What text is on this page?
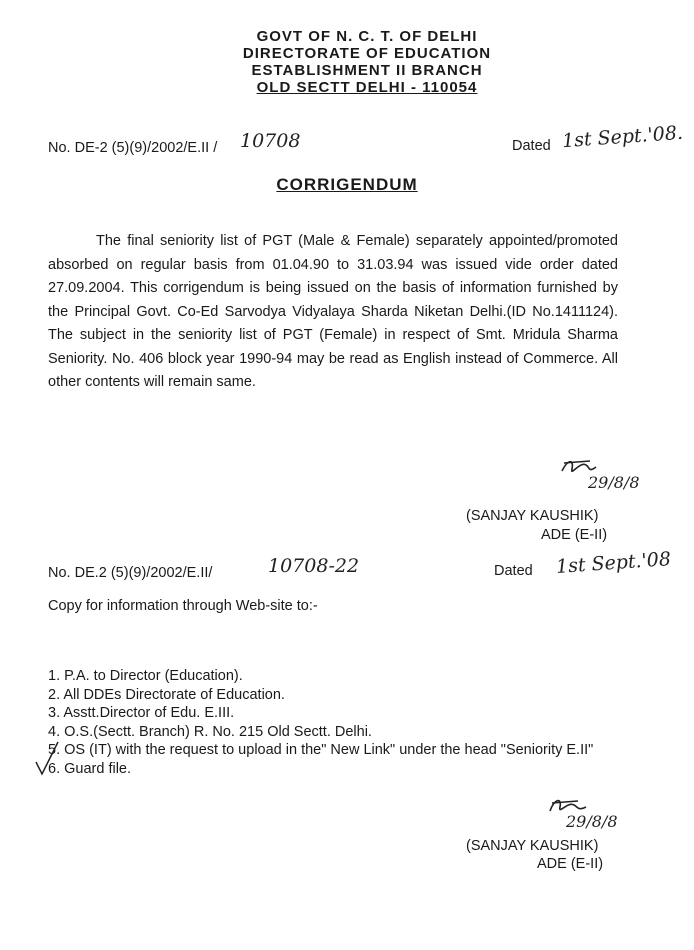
GOVT OF N. C. T. OF DELHI
DIRECTORATE OF EDUCATION
ESTABLISHMENT II BRANCH
OLD SECTT DELHI - 110054
No. DE-2 (5)(9)/2002/E.II / 10708	Dated 1st Sept.'08.
CORRIGENDUM

The final seniority list of PGT (Male & Female) separately appointed/promoted absorbed on regular basis from 01.04.90 to 31.03.94 was issued vide order dated 27.09.2004. This corrigendum is being issued on the basis of information furnished by the Principal Govt. Co-Ed Sarvodya Vidyalaya Sharda Niketan Delhi.(ID No.1411124). The subject in the seniority list of PGT (Female) in respect of Smt. Mridula Sharma Seniority. No. 406 block year 1990-94 may be read as English instead of Commerce. All other contents will remain same.

29/8/8
(SANJAY KAUSHIK)
ADE (E-II)
No. DE.2 (5)(9)/2002/E.II/	10708-22	Dated 1st Sept.'08
Copy for information through Web-site to:-
1. P.A. to Director (Education).
2. All DDEs Directorate of Education.
3. Asstt.Director of Edu. E.III.
4. O.S.(Sectt. Branch) R. No. 215 Old Sectt. Delhi.
5. OS (IT) with the request to upload in the" New Link" under the head "Seniority E.II"
6. Guard file.
29/8/8
(SANJAY KAUSHIK)
ADE (E-II)
